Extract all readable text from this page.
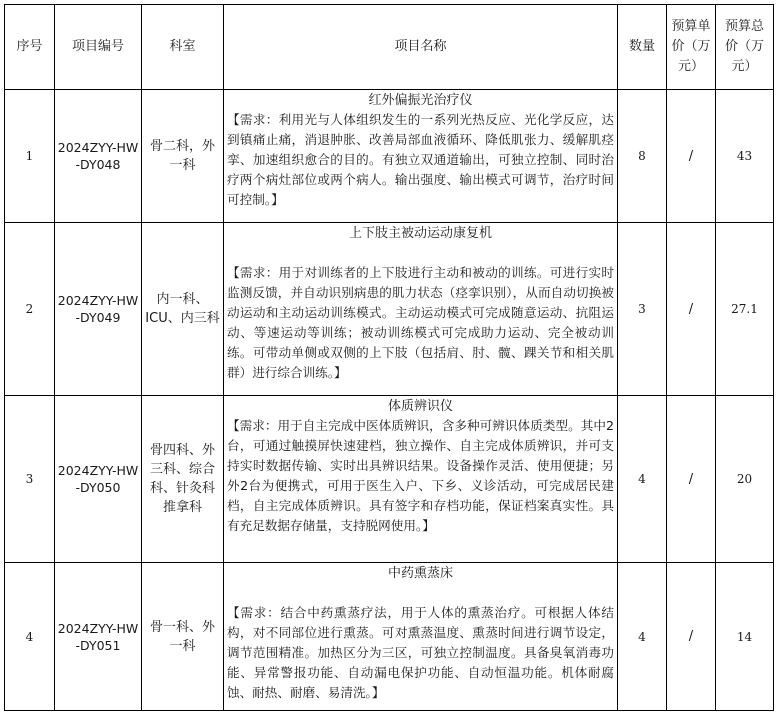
序号	项目编号	科室	项目名称	数量	预算单价（万元）	预算总价（万元）
1	2024ZYY-HW-DY048	骨二科，外一科	红外偏振光治疗仪
【需求：利用光与人体组织发生的一系列光热反应、光化学反应，达到镇痛止痛，消退肿胀、改善局部血液循环、降低肌张力、缓解肌痉挛、加速组织愈合的目的。有独立双通道输出，可独立控制、同时治疗两个病灶部位或两个病人。输出强度、输出模式可调节，治疗时间可控制。】	8	/	43
2	2024ZYY-HW-DY049	内一科、ICU、内三科	上下肢主被动运动康复机
【需求：用于对训练者的上下肢进行主动和被动的训练。可进行实时监测反馈，并自动识别病患的肌力状态（痉挛识别），从而自动切换被动运动和主动运动训练模式。主动运动模式可完成随意运动、抗阻运动、等速运动等训练；被动训练模式可完成助力运动、完全被动训练。可带动单侧或双侧的上下肢（包括肩、肘、髋、踝关节和相关肌群）进行综合训练。】	3	/	27.1
3	2024ZYY-HW-DY050	骨四科、外三科、综合科、针灸科推拿科	体质辨识仪
【需求：用于自主完成中医体质辨识，含多种可辨识体质类型。其中2台，可通过触摸屏快速建档，独立操作、自主完成体质辨识，并可支持实时数据传输、实时出具辨识结果。设备操作灵活、使用便捷；另外2台为便携式，可用于医生入户、下乡、义诊活动，可完成居民建档，自主完成体质辨识。具有签字和存档功能，保证档案真实性。具有充足数据存储量，支持脱网使用。】	4	/	20
4	2024ZYY-HW-DY051	骨一科、外一科	中药熏蒸床
【需求：结合中药熏蒸疗法，用于人体的熏蒸治疗。可根据人体结构，对不同部位进行熏蒸。可对熏蒸温度、熏蒸时间进行调节设定，调节范围精准。加热区分为三区，可独立控制温度。具备臭氧消毒功能、异常警报功能、自动漏电保护功能、自动恒温功能。机体耐腐蚀、耐热、耐磨、易清洗。】	4	/	14
